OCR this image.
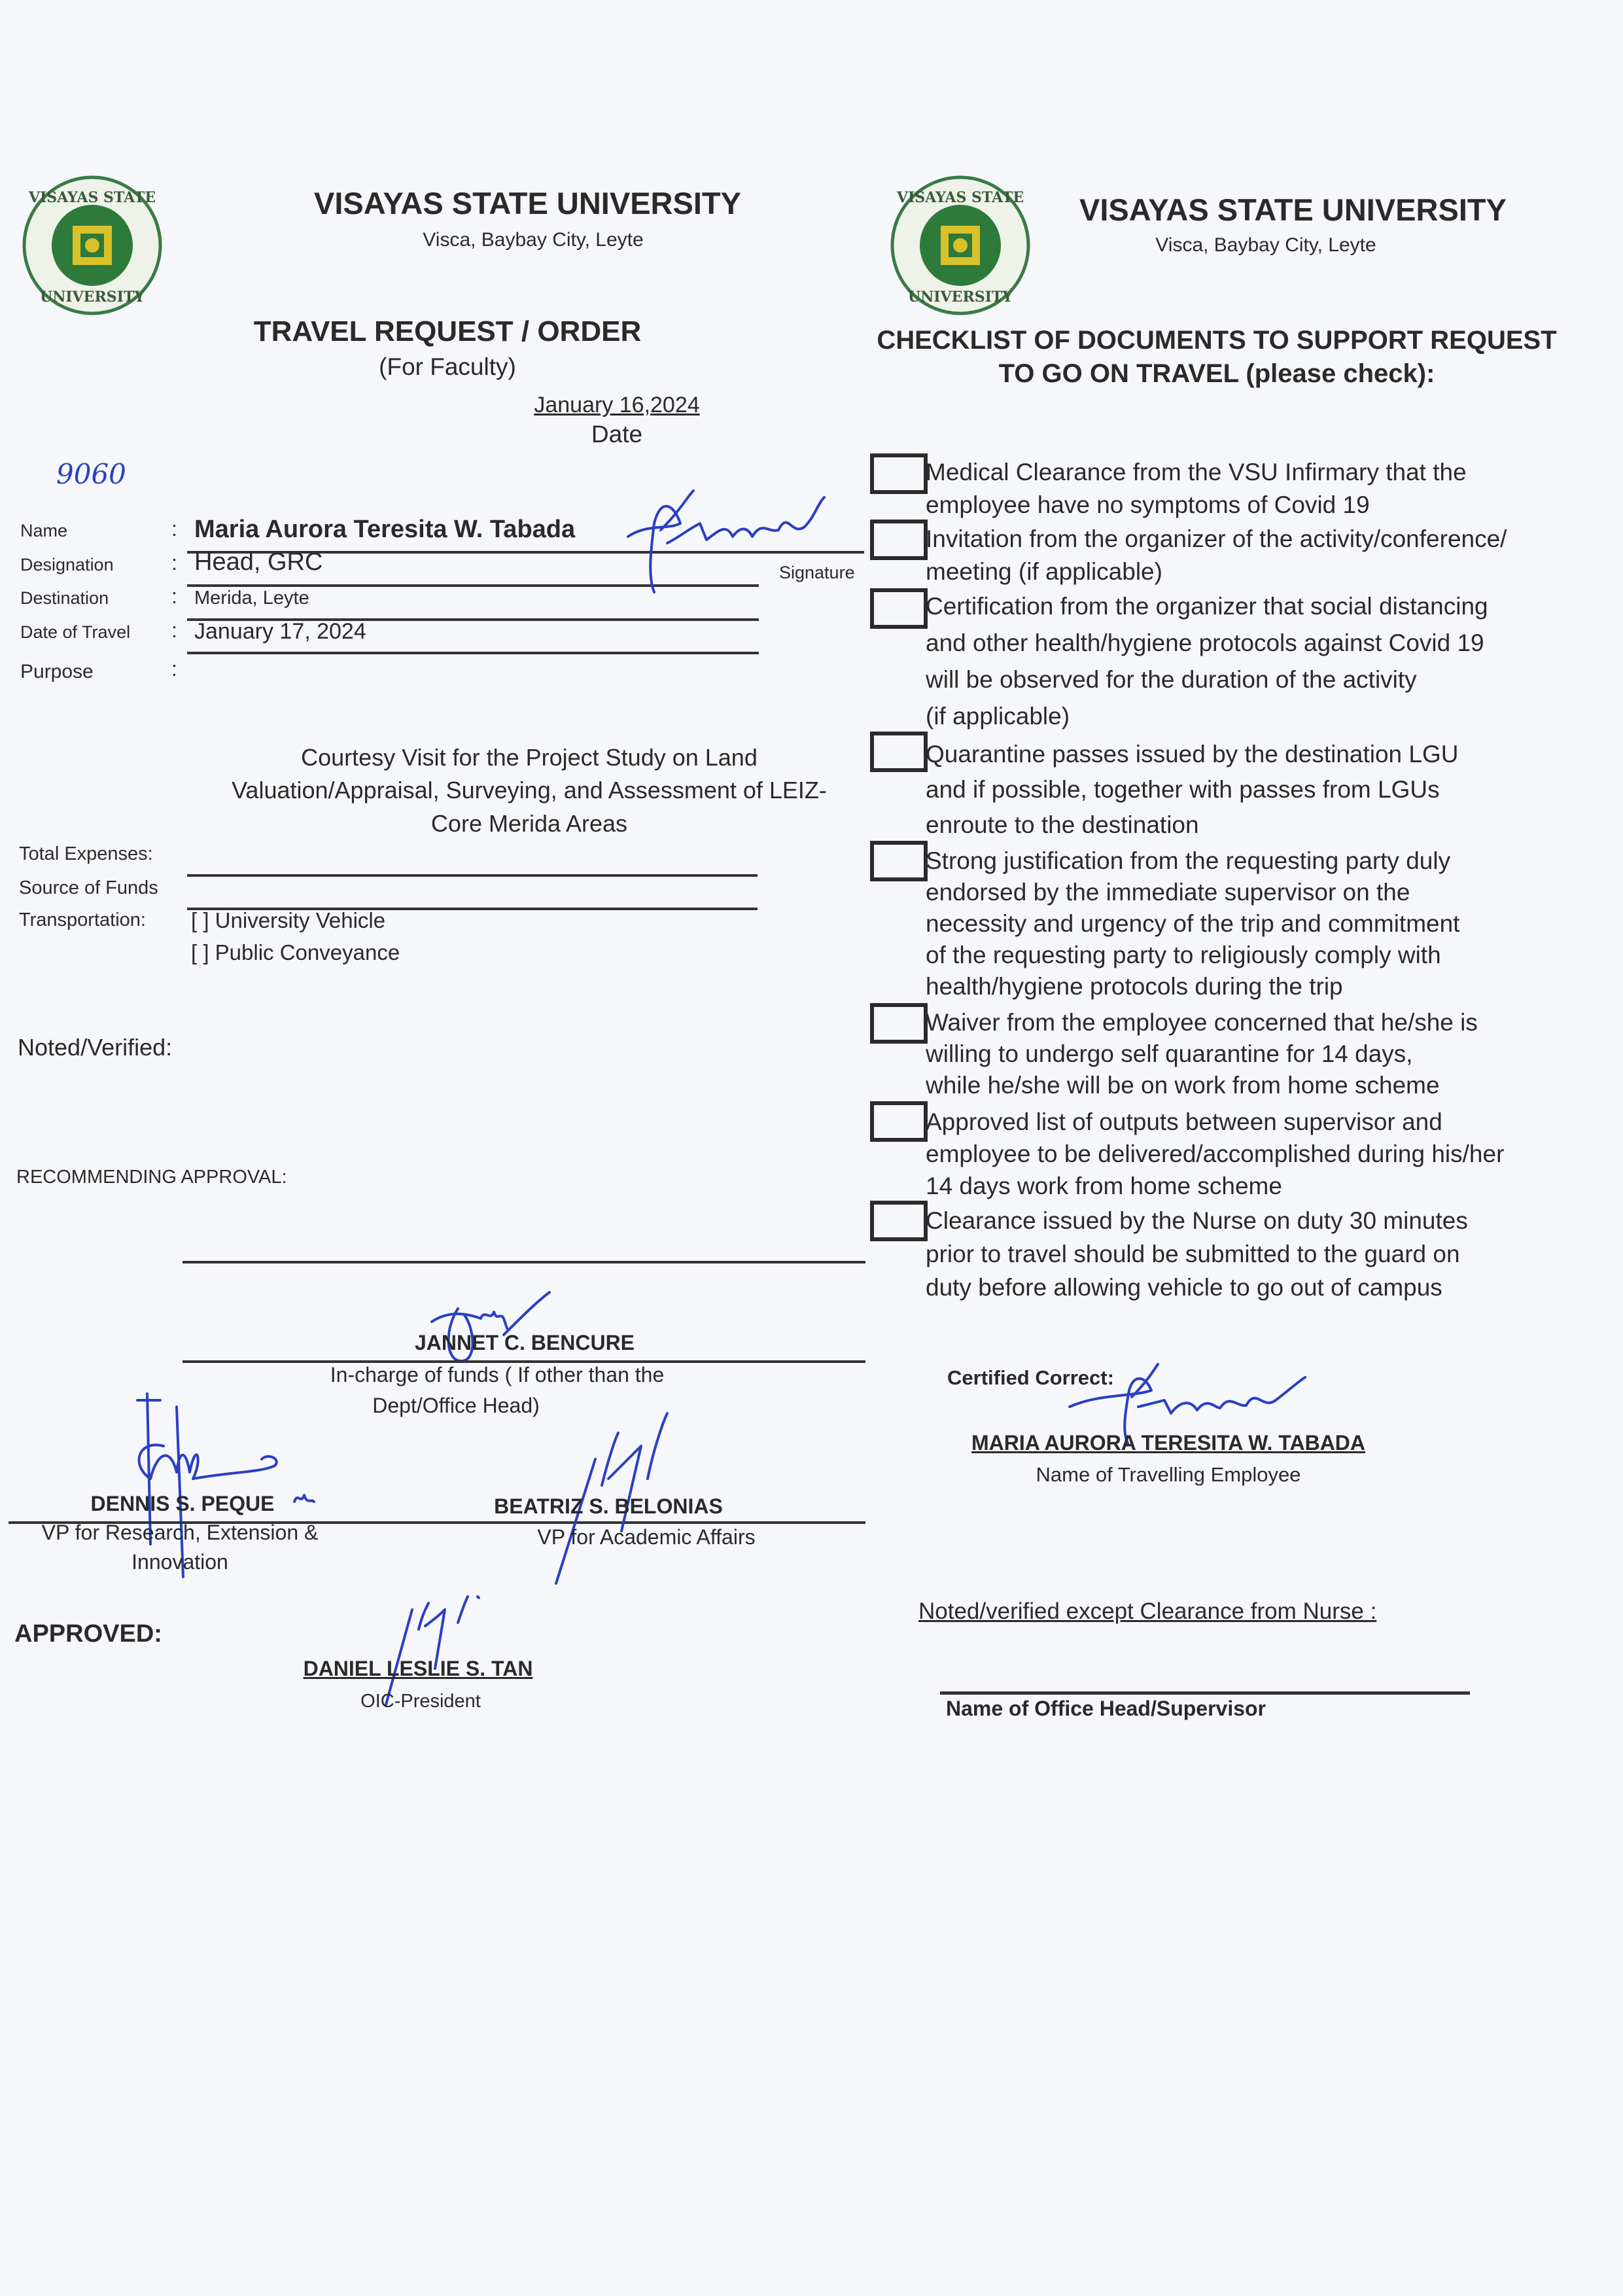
VISAYAS STATE
UNIVERSITY
VISAYAS STATE UNIVERSITY
Visca, Baybay City, Leyte
TRAVEL REQUEST / ORDER
(For Faculty)
January 16,2024
Date
9060
Name
Designation
Destination
Date of Travel
Purpose
:
:
:
:
:
Maria Aurora Teresita W. Tabada
Head, GRC
Merida, Leyte
January 17, 2024
Signature
Courtesy Visit for the Project Study on Land
Valuation/Appraisal, Surveying, and Assessment of LEIZ-
Core Merida Areas
Total Expenses:
Source of Funds
Transportation: [ ] University Vehicle
[ ] Public Conveyance
Noted/Verified:
RECOMMENDING APPROVAL:
JANNET C. BENCURE
In-charge of funds ( If other than the
Dept/Office Head)
DENNIS S. PEQUE
VP for Research, Extension &
Innovation
BEATRIZ S. BELONIAS
VP for Academic Affairs
APPROVED:
DANIEL LESLIE S. TAN
OIC-President
VISAYAS STATE
UNIVERSITY
VISAYAS STATE UNIVERSITY
Visca, Baybay City, Leyte
CHECKLIST OF DOCUMENTS TO SUPPORT REQUEST
TO GO ON TRAVEL (please check):
Medical Clearance from the VSU Infirmary that the
employee have no symptoms of Covid 19
Invitation from the organizer of the activity/conference/
meeting (if applicable)
Certification from the organizer that social distancing
and other health/hygiene protocols against Covid 19
will be observed for the duration of the activity
(if applicable)
Quarantine passes issued by the destination LGU
and if possible, together with passes from LGUs
enroute to the destination
Strong justification from the requesting party duly
endorsed by the immediate supervisor on the
necessity and urgency of the trip and commitment
of the requesting party to religiously comply with
health/hygiene protocols during the trip
Waiver from the employee concerned that he/she is
willing to undergo self quarantine for 14 days,
while he/she will be on work from home scheme
Approved list of outputs between supervisor and
employee to be delivered/accomplished during his/her
14 days work from home scheme
Clearance issued by the Nurse on duty 30 minutes
prior to travel should be submitted to the guard on
duty before allowing vehicle to go out of campus
Certified Correct:
MARIA AURORA TERESITA W. TABADA
Name of Travelling Employee
Noted/verified except Clearance from Nurse :
Name of Office Head/Supervisor
